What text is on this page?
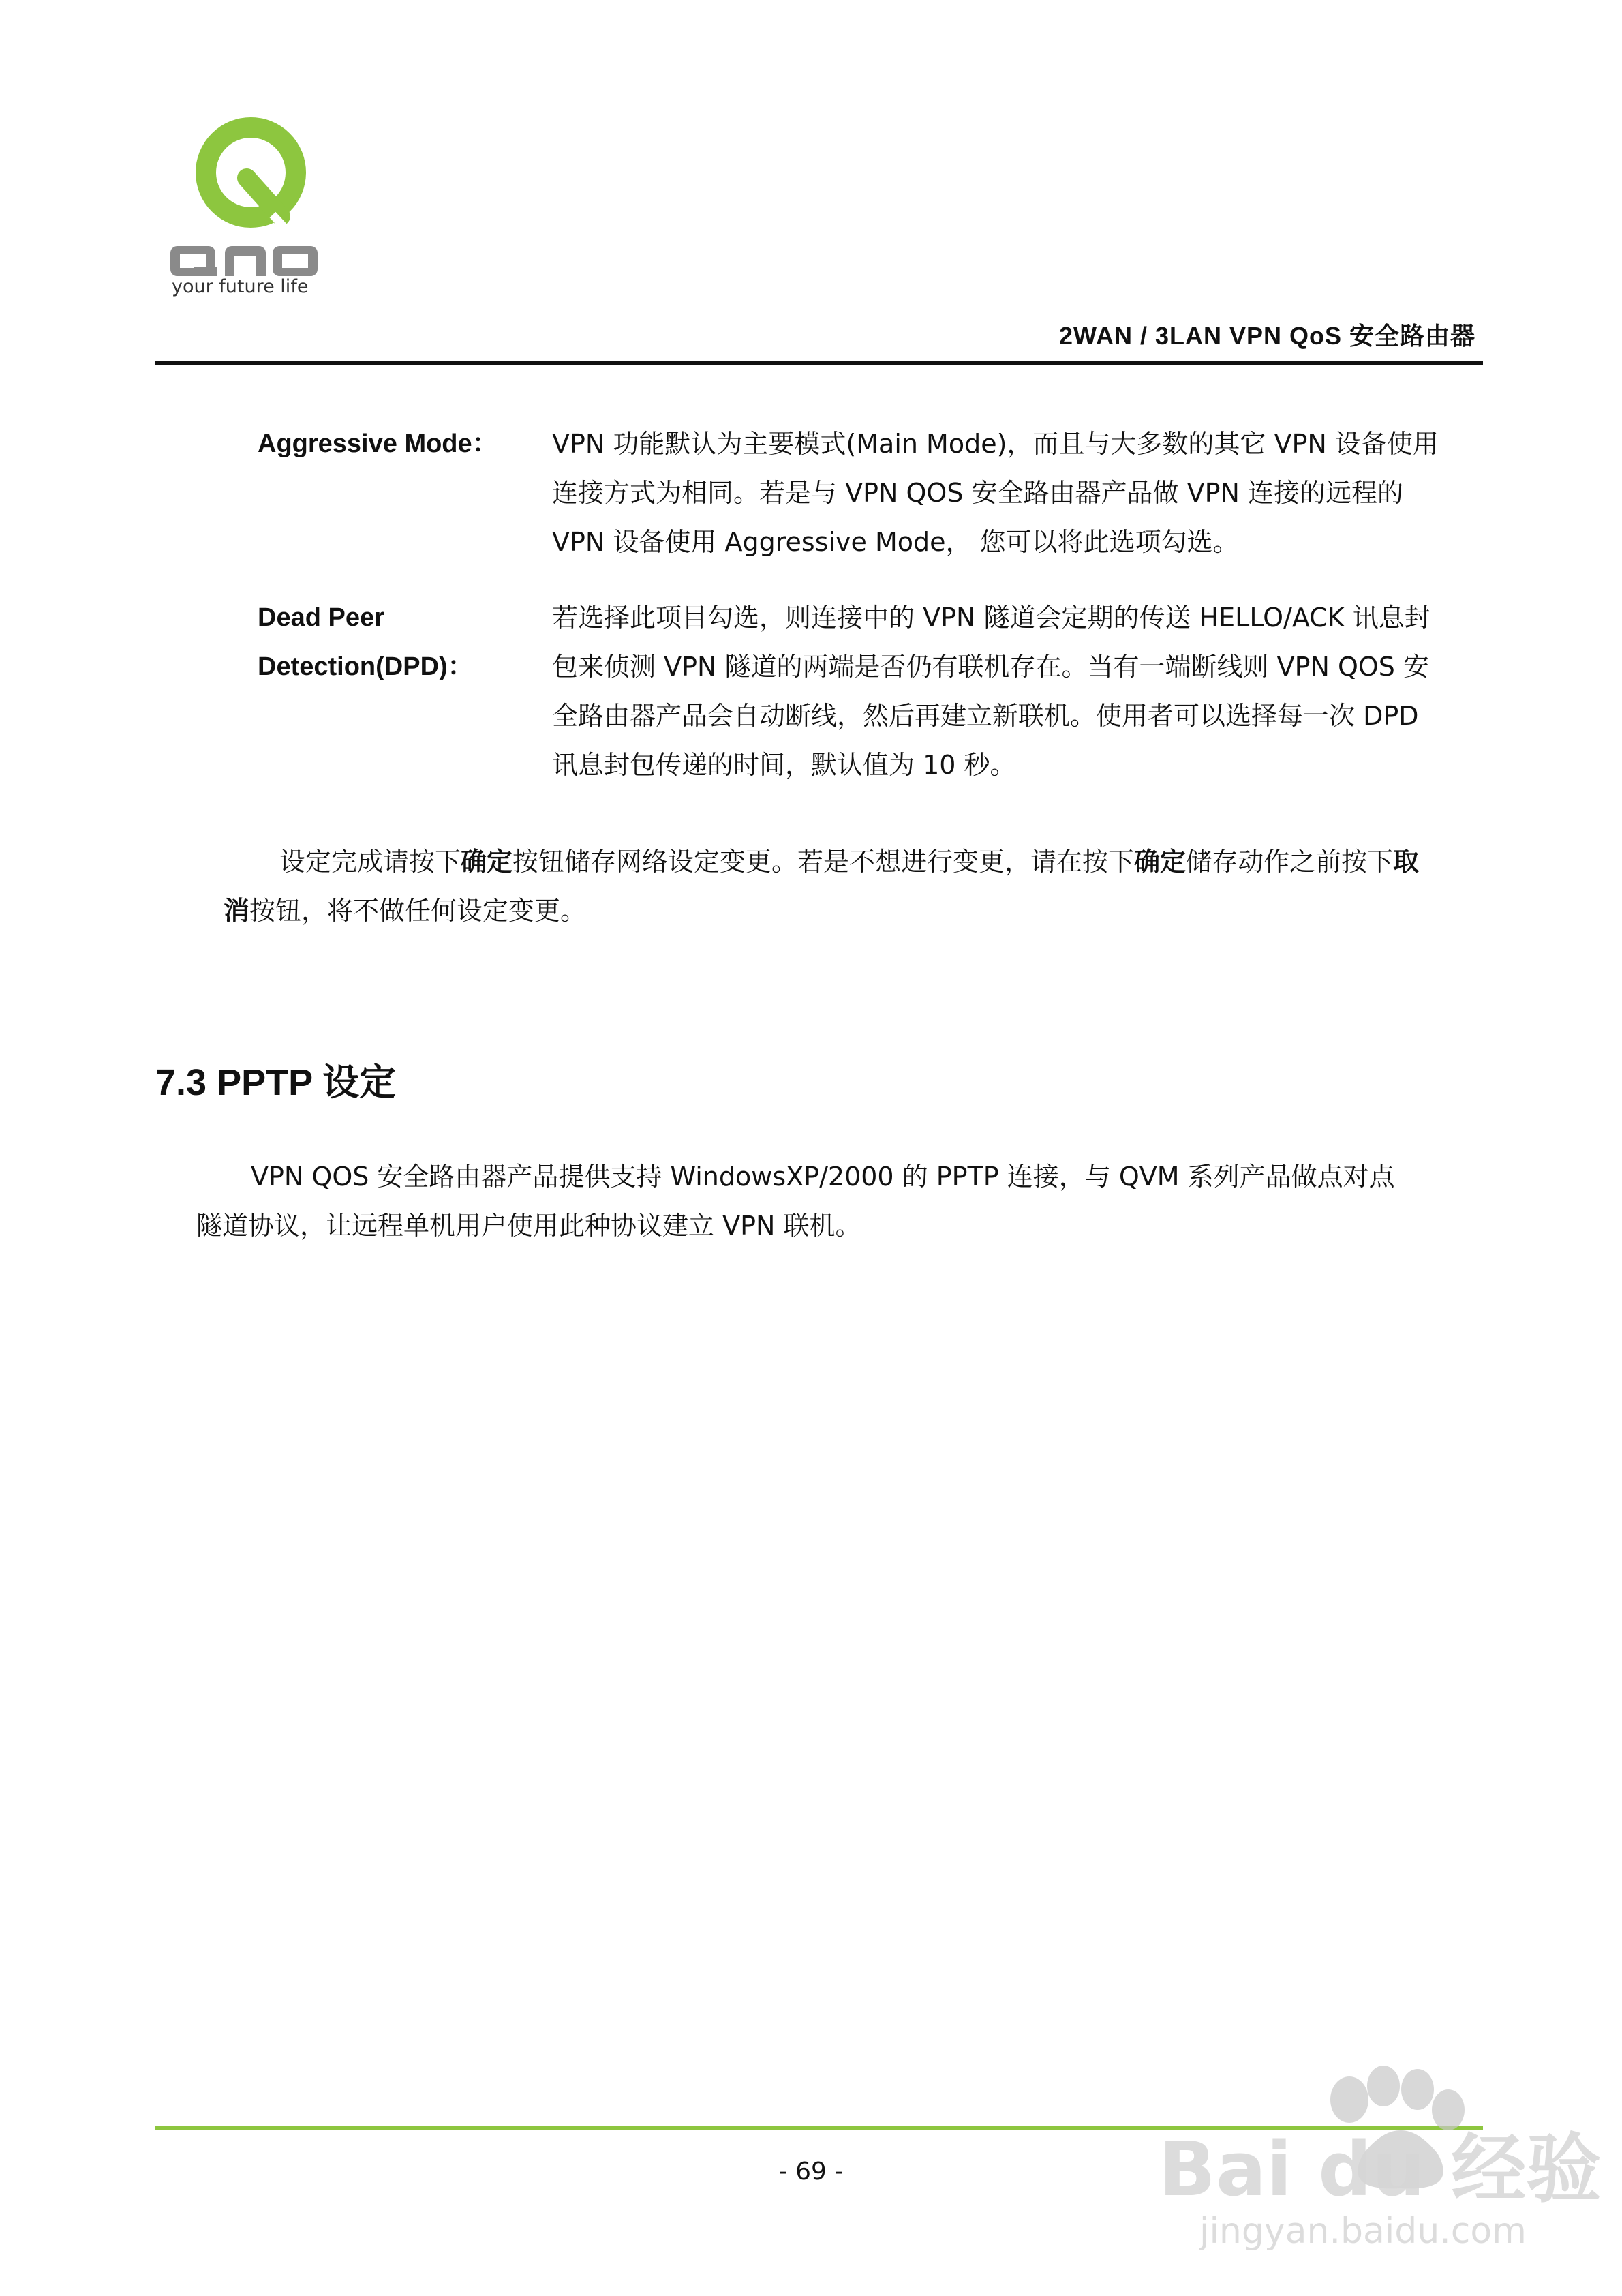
your future life
2WAN / 3LAN VPN QoS 安全路由器
Aggressive Mode： VPN 功能默认为主要模式(Main Mode)，而且与大多数的其它 VPN 设备使用
连接方式为相同。若是与 VPN QOS 安全路由器产品做 VPN 连接的远程的
VPN 设备使用 Aggressive Mode， 您可以将此选项勾选。
Dead Peer
Detection(DPD)：
若选择此项目勾选，则连接中的 VPN 隧道会定期的传送 HELLO/ACK 讯息封
包来侦测 VPN 隧道的两端是否仍有联机存在。当有一端断线则 VPN QOS 安
全路由器产品会自动断线，然后再建立新联机。使用者可以选择每一次 DPD
讯息封包传递的时间，默认值为 10 秒。
设定完成请按下确定按钮储存网络设定变更。若是不想进行变更，请在按下确定储存动作之前按下取
消按钮，将不做任何设定变更。
7.3 PPTP 设定
VPN QOS 安全路由器产品提供支持 WindowsXP/2000 的 PPTP 连接，与 QVM 系列产品做点对点
隧道协议，让远程单机用户使用此种协议建立 VPN 联机。
- 69 -	Bai du 经验
jingyan.baidu.com
